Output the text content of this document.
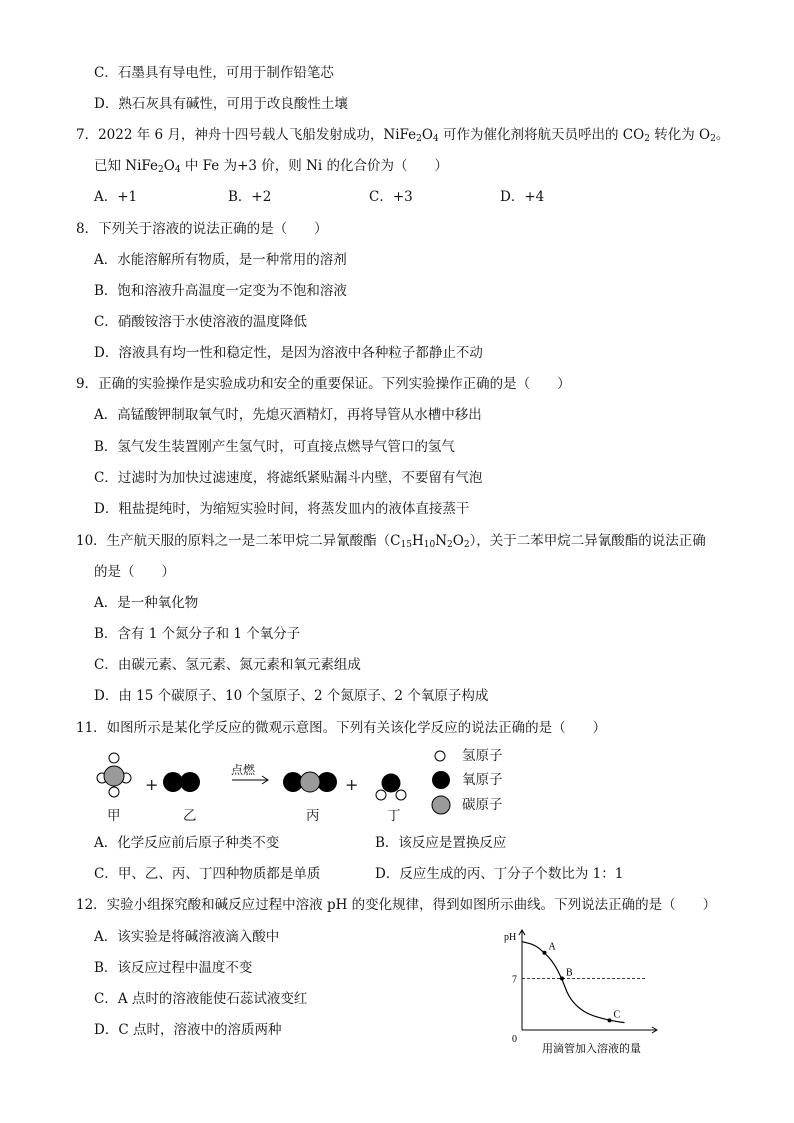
C．石墨具有导电性，可用于制作铅笔芯
D．熟石灰具有碱性，可用于改良酸性土壤
7．2022 年 6 月，神舟十四号载人飞船发射成功，$NiFe_2O_4$ 可作为催化剂将航天员呼出的 $CO_2$ 转化为 $O_2$。
已知 $NiFe_2O_4$ 中 Fe 为+3 价，则 Ni 的化合价为（　　）
A．+1	B．+2	C．+3	D．+4
8．下列关于溶液的说法正确的是（　　）
A．水能溶解所有物质，是一种常用的溶剂
B．饱和溶液升高温度一定变为不饱和溶液
C．硝酸铵溶于水使溶液的温度降低
D．溶液具有均一性和稳定性，是因为溶液中各种粒子都静止不动
9．正确的实验操作是实验成功和安全的重要保证。下列实验操作正确的是（　　）
A．高锰酸钾制取氧气时，先熄灭酒精灯，再将导管从水槽中移出
B．氢气发生装置刚产生氢气时，可直接点燃导气管口的氢气
C．过滤时为加快过滤速度，将滤纸紧贴漏斗内壁，不要留有气泡
D．粗盐提纯时，为缩短实验时间，将蒸发皿内的液体直接蒸干
10．生产航天服的原料之一是二苯甲烷二异氰酸酯$(C_{15}H_{10}N_2O_2)$，关于二苯甲烷二异氰酸酯的说法正确
的是（　　）
A．是一种氧化物
B．含有 1 个氮分子和 1 个氧分子
C．由碳元素、氢元素、氮元素和氧元素组成
D．由 15 个碳原子、10 个氢原子、2 个氮原子、2 个氧原子构成
11．如图所示是某化学反应的微观示意图。下列有关该化学反应的说法正确的是（　　）
+	+
点燃
甲	乙	丙	丁
氢原子
氧原子
碳原子
A．化学反应前后原子种类不变	B．该反应是置换反应
C．甲、乙、丙、丁四种物质都是单质	D．反应生成的丙、丁分子个数比为 1：1
12．实验小组探究酸和碱反应过程中溶液 pH 的变化规律，得到如图所示曲线。下列说法正确的是（　　）
A．该实验是将碱溶液滴入酸中
B．该反应过程中温度不变
C．A 点时的溶液能使石蕊试液变红
D．C 点时，溶液中的溶质两种
pH
0
用滴管加入溶液的量
7
A
B
C
